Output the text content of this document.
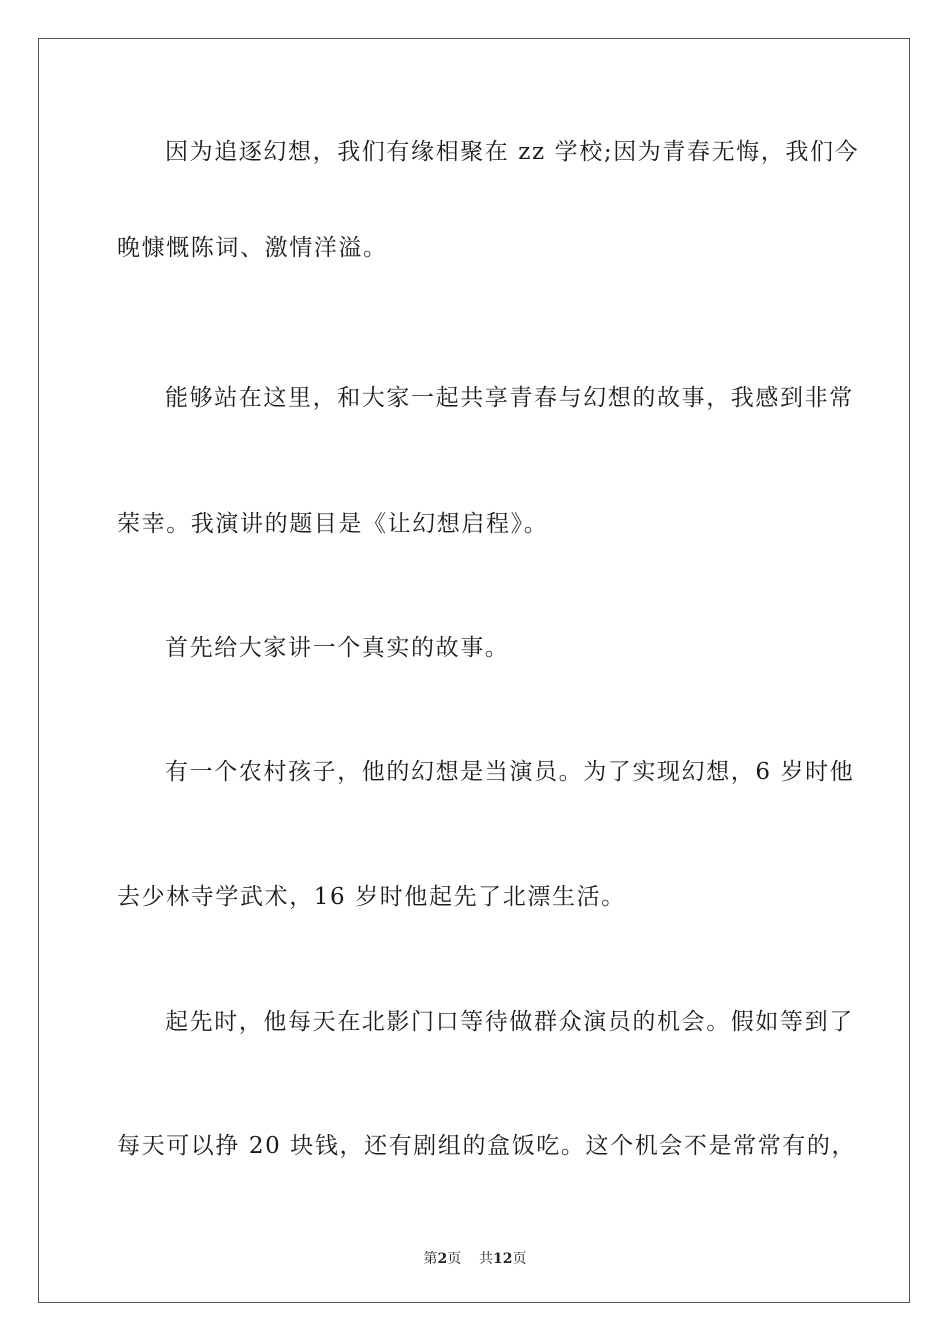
因为追逐幻想，我们有缘相聚在 zz 学校;因为青春无悔，我们今
晚慷慨陈词、激情洋溢。
能够站在这里，和大家一起共享青春与幻想的故事，我感到非常
荣幸。我演讲的题目是《让幻想启程》。
首先给大家讲一个真实的故事。
有一个农村孩子，他的幻想是当演员。为了实现幻想，6 岁时他
去少林寺学武术，16 岁时他起先了北漂生活。
起先时，他每天在北影门口等待做群众演员的机会。假如等到了
每天可以挣 20 块钱，还有剧组的盒饭吃。这个机会不是常常有的，
第2页 共12页
